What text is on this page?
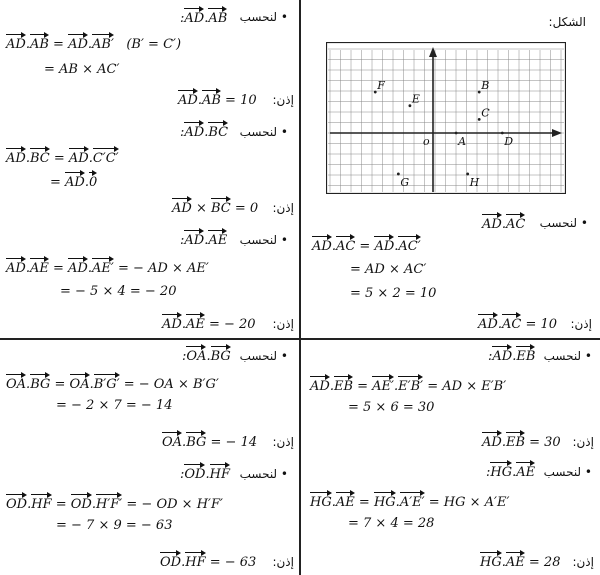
الشكل:
F
E
B
C
o	A	D
G	H
AD.AC	• لنحسب
AD.AC = AD.AC′
= AD × AC′
= 5 × 2 = 10
AD.AC = 10 إذن:
:AD.AB	• لنحسب
AD.AB = AD.AB′ (B′ = C′)
= AB × AC′
AD.AB = 10 إذن:
:AD.BC	• لنحسب
AD.BC = AD.C′C′
= AD.0
AD × BC = 0 إذن:
:AD.AE	• لنحسب
AD.AE = AD.AE′ = − AD × AE′
= − 5 × 4 = − 20
AD.AE = − 20 إذن:
:AD.EB	• لنحسب
AD.EB = AE′.E′B′ = AD × E′B′
= 5 × 6 = 30
AD.EB = 30 إذن:
:HG.AE	• لنحسب
HG.AE = HG.A′E′ = HG × A′E′
= 7 × 4 = 28
HG.AE = 28 إذن:
:OA.BG	• لنحسب
OA.BG = OA.B′G′ = − OA × B′G′
= − 2 × 7 = − 14
OA.BG = − 14 إذن:
:OD.HF	• لنحسب
OD.HF = OD.H′F′ = − OD × H′F′
= − 7 × 9 = − 63
OD.HF = − 63 إذن:
